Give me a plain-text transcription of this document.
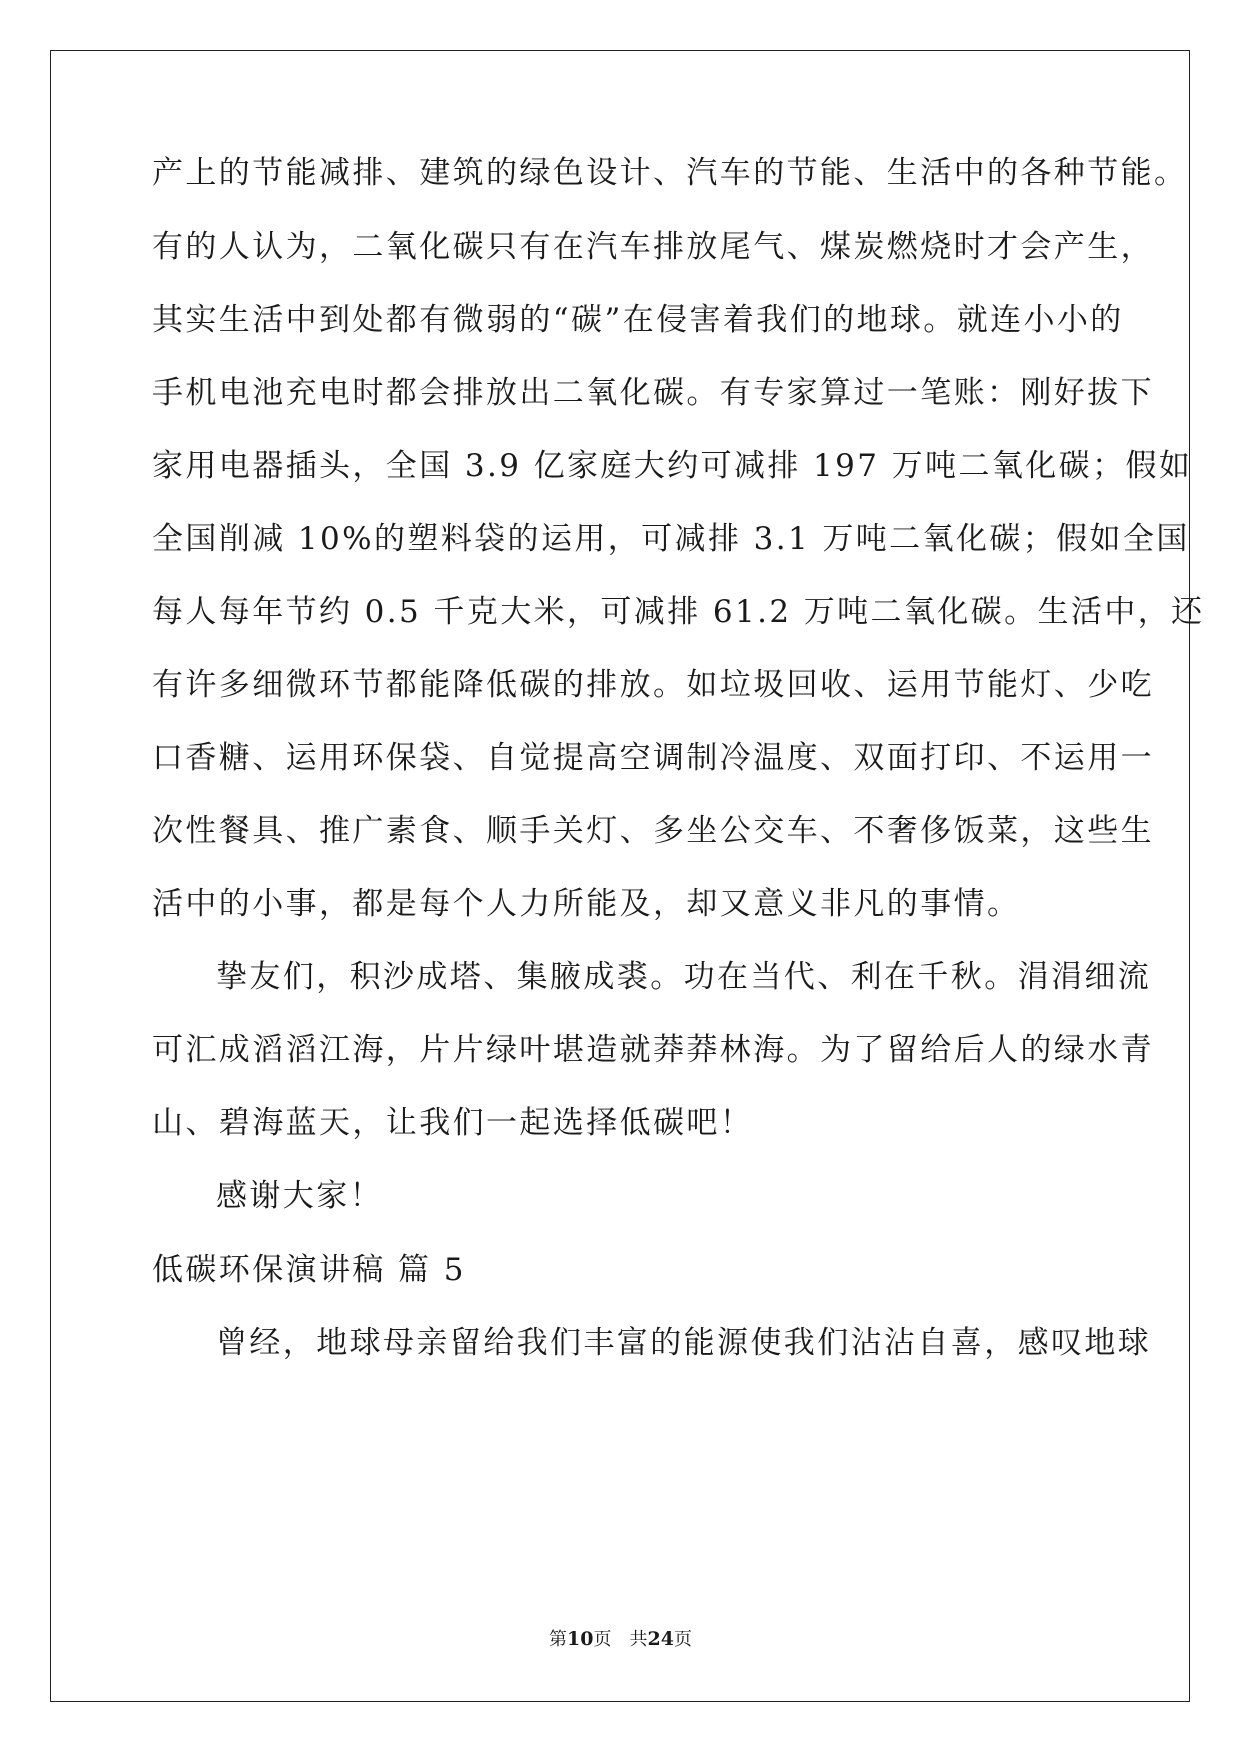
产上的节能减排、建筑的绿色设计、汽车的节能、生活中的各种节能。
有的人认为，二氧化碳只有在汽车排放尾气、煤炭燃烧时才会产生，
其实生活中到处都有微弱的“碳”在侵害着我们的地球。就连小小的
手机电池充电时都会排放出二氧化碳。有专家算过一笔账：刚好拔下
家用电器插头，全国 3.9 亿家庭大约可减排 197 万吨二氧化碳；假如
全国削减 10%的塑料袋的运用，可减排 3.1 万吨二氧化碳；假如全国
每人每年节约 0.5 千克大米，可减排 61.2 万吨二氧化碳。生活中，还
有许多细微环节都能降低碳的排放。如垃圾回收、运用节能灯、少吃
口香糖、运用环保袋、自觉提高空调制冷温度、双面打印、不运用一
次性餐具、推广素食、顺手关灯、多坐公交车、不奢侈饭菜，这些生
活中的小事，都是每个人力所能及，却又意义非凡的事情。
挚友们，积沙成塔、集腋成裘。功在当代、利在千秋。涓涓细流
可汇成滔滔江海，片片绿叶堪造就莽莽林海。为了留给后人的绿水青
山、碧海蓝天，让我们一起选择低碳吧！
感谢大家！
低碳环保演讲稿 篇 5
曾经，地球母亲留给我们丰富的能源使我们沾沾自喜，感叹地球
第10页 共24页
